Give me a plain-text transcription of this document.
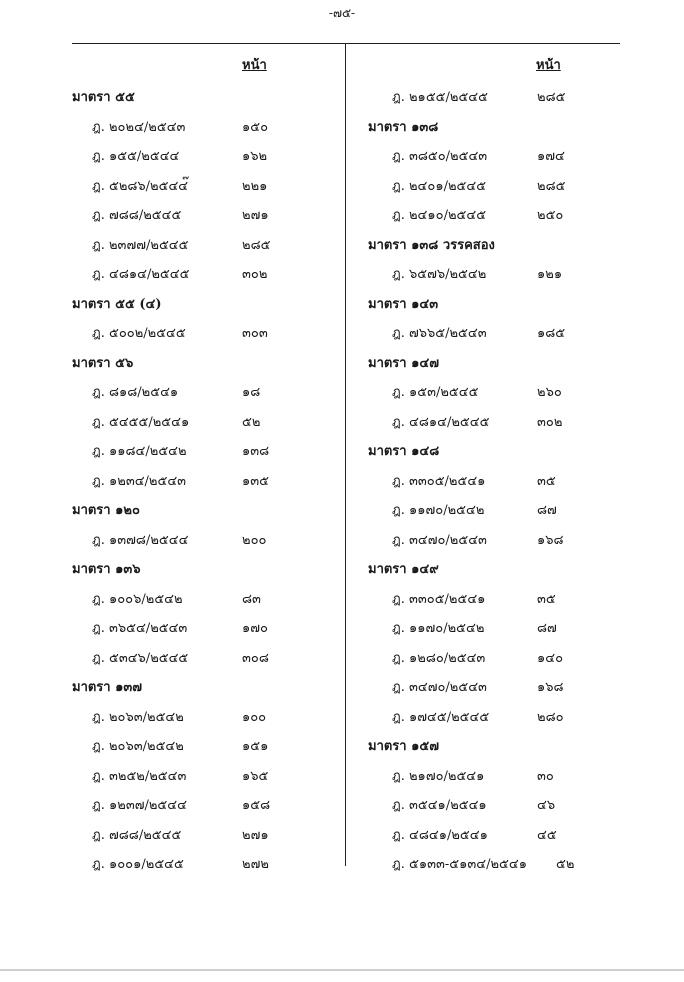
-๗๕-
หน้า	หน้า
มาตรา ๕๕
ฎ. ๒๐๒๔/๒๕๔๓	๑๕๐
ฎ. ๑๕๕/๒๕๔๔	๑๖๒
ฎ. ๕๒๘๖/๒๕๔๔๊	๒๒๑
ฎ. ๗๘๘/๒๕๔๕	๒๗๑
ฎ. ๒๓๗๗/๒๕๔๕	๒๘๕
ฎ. ๔๘๑๔/๒๕๔๕	๓๐๒
มาตรา ๕๕ (๔)
ฎ. ๕๐๐๒/๒๕๔๕	๓๐๓
มาตรา ๕๖
ฎ. ๘๑๘/๒๕๔๑	๑๘
ฎ. ๕๔๕๕/๒๕๔๑	๕๒
ฎ. ๑๑๘๔/๒๕๔๒	๑๓๘
ฎ. ๑๒๓๔/๒๕๔๓	๑๓๕
มาตรา ๑๒๐
ฎ. ๑๓๗๘/๒๕๔๔	๒๐๐
มาตรา ๑๓๖
ฎ. ๑๐๐๖/๒๕๔๒	๘๓
ฎ. ๓๖๕๔/๒๕๔๓	๑๗๐
ฎ. ๕๓๔๖/๒๕๔๕	๓๐๘
มาตรา ๑๓๗
ฎ. ๒๐๖๓/๒๕๔๒	๑๐๐
ฎ. ๒๐๖๓/๒๕๔๒	๑๕๑
ฎ. ๓๒๕๒/๒๕๔๓	๑๖๕
ฎ. ๑๒๓๗/๒๕๔๔	๑๕๘
ฎ. ๗๘๘/๒๕๔๕	๒๗๑
ฎ. ๑๐๐๑/๒๕๔๕	๒๗๒
ฎ. ๒๑๕๕/๒๕๔๕	๒๘๕
มาตรา ๑๓๘
ฎ. ๓๘๕๐/๒๕๔๓	๑๗๔
ฎ. ๒๔๐๑/๒๕๔๕	๒๘๕
ฎ. ๒๔๑๐/๒๕๔๕	๒๕๐
มาตรา ๑๓๘ วรรคสอง
ฎ. ๖๕๗๖/๒๕๔๒	๑๒๑
มาตรา ๑๔๓
ฎ. ๗๖๖๕/๒๕๔๓	๑๘๕
มาตรา ๑๔๗
ฎ. ๑๕๓/๒๕๔๕	๒๖๐
ฎ. ๔๘๑๔/๒๕๔๕	๓๐๒
มาตรา ๑๔๘
ฎ. ๓๓๐๕/๒๕๔๑	๓๕
ฎ. ๑๑๗๐/๒๕๔๒	๘๗
ฎ. ๓๔๗๐/๒๕๔๓	๑๖๘
มาตรา ๑๔๙
ฎ. ๓๓๐๕/๒๕๔๑	๓๕
ฎ. ๑๑๗๐/๒๕๔๒	๘๗
ฎ. ๑๒๘๐/๒๕๔๓	๑๔๐
ฎ. ๓๔๗๐/๒๕๔๓	๑๖๘
ฎ. ๑๗๔๕/๒๕๔๕	๒๘๐
มาตรา ๑๕๗
ฎ. ๒๑๗๐/๒๕๔๑	๓๐
ฎ. ๓๕๔๑/๒๕๔๑	๔๖
ฎ. ๔๘๔๑/๒๕๔๑	๔๕
ฎ. ๕๑๓๓-๕๑๓๔/๒๕๔๑ ๕๒
